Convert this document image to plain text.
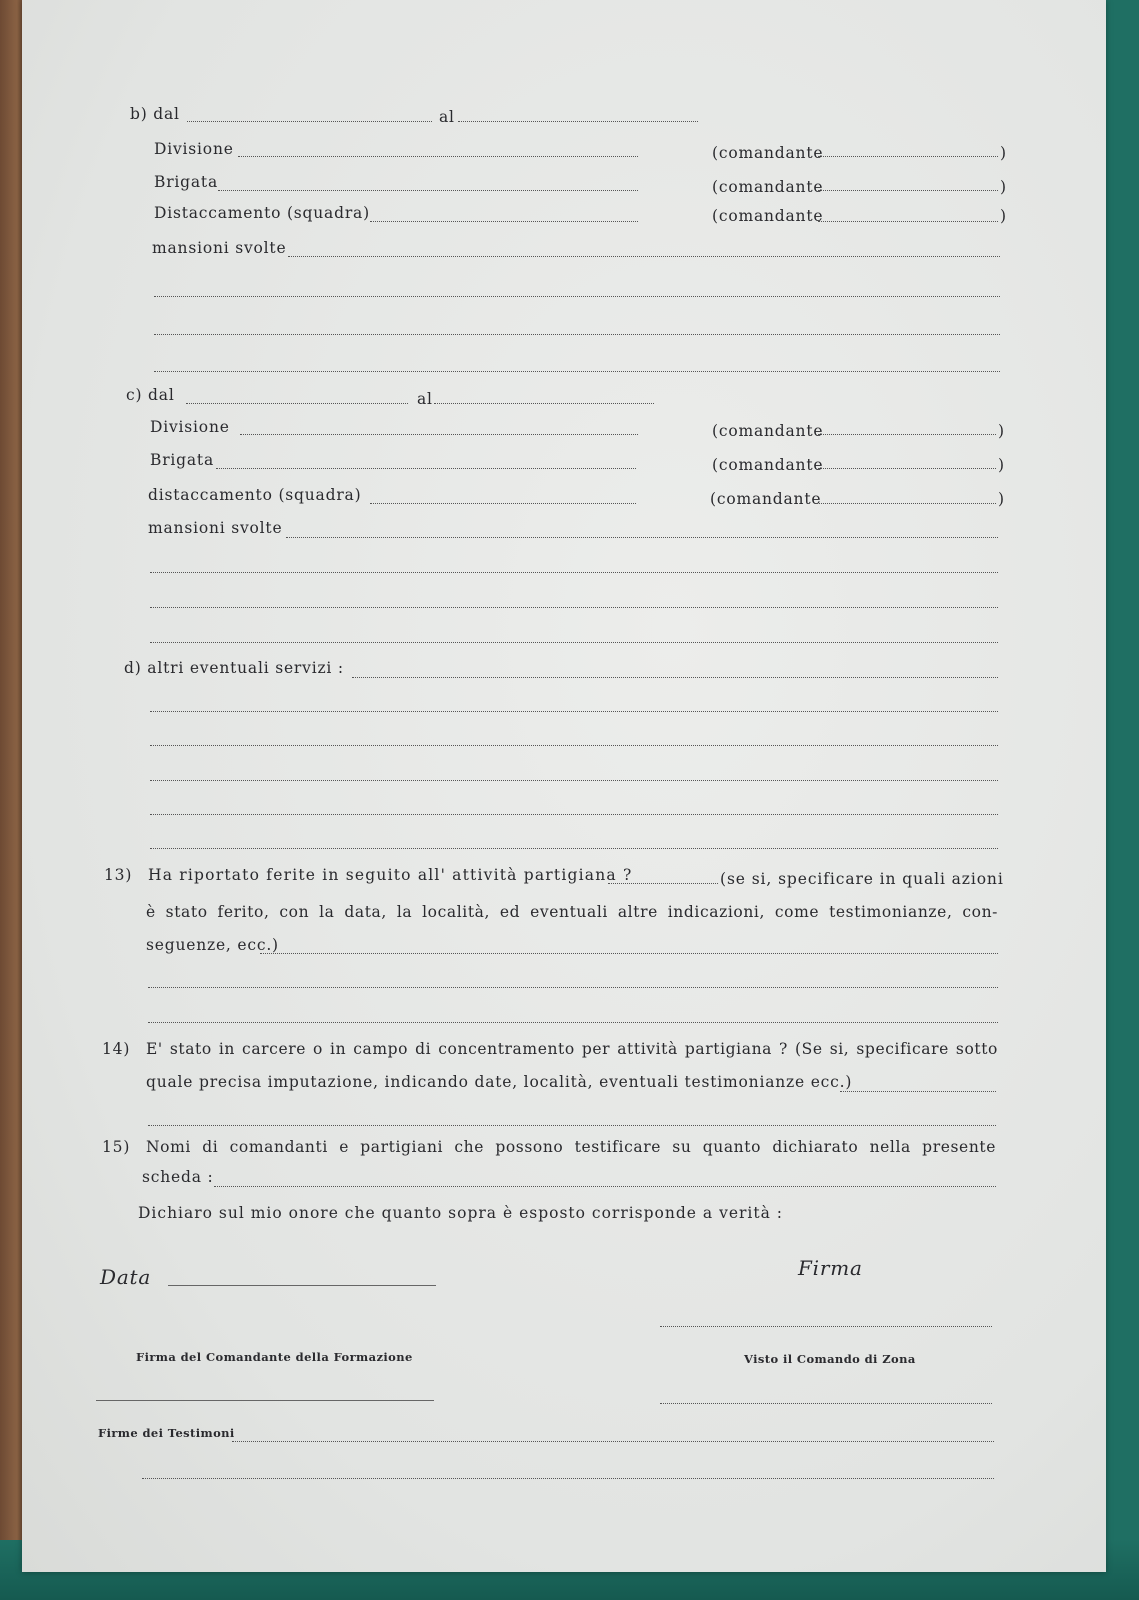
b) dal	al
Divisione	(comandante	)
Brigata	(comandante	)
Distaccamento (squadra)	(comandante	)
mansioni svolte
c) dal	al
Divisione	(comandante	)
Brigata	(comandante	)
distaccamento (squadra)	(comandante	)
mansioni svolte
d) altri eventuali servizi :
13) Ha riportato ferite in seguito all' attività partigiana ?	(se si, specificare in quali azioni
è stato ferito, con la data, la località, ed eventuali altre indicazioni, come testimonianze, con-
seguenze, ecc.)
14) E' stato in carcere o in campo di concentramento per attività partigiana ? (Se si, specificare sotto
quale precisa imputazione, indicando date, località, eventuali testimonianze ecc.)
15) Nomi di comandanti e partigiani che possono testificare su quanto dichiarato nella presente
scheda :
Dichiaro sul mio onore che quanto sopra è esposto corrisponde a verità :
Data	Firma
Firma del Comandante della Formazione	Visto il Comando di Zona
Firme dei Testimoni
